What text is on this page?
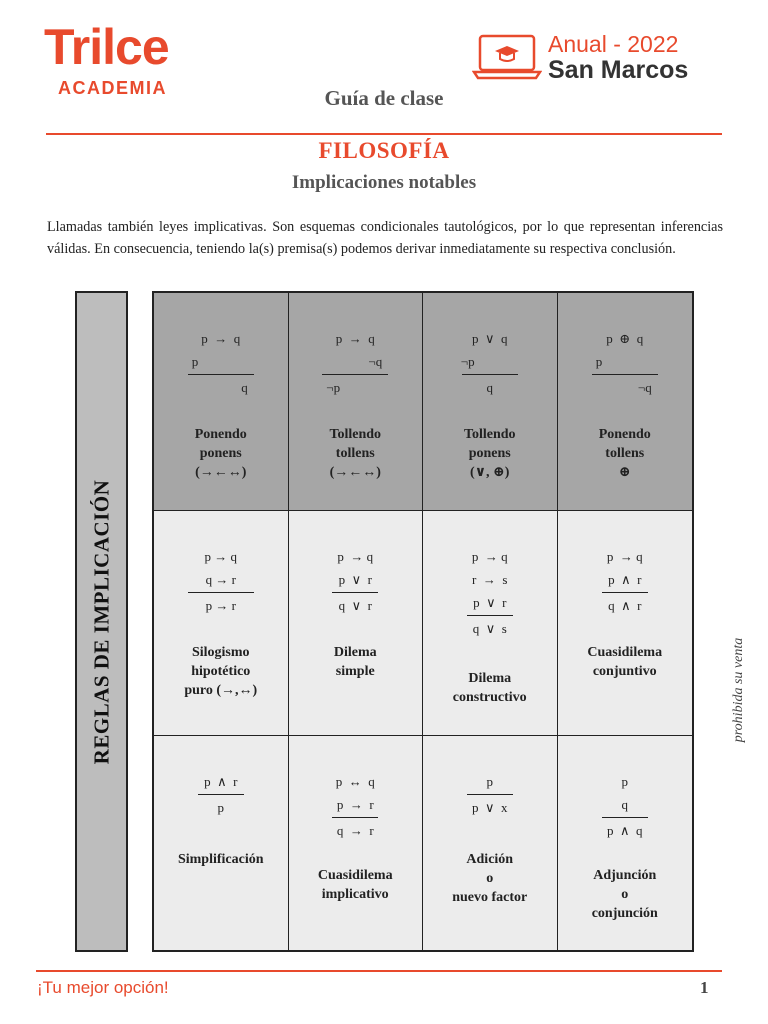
Trilce
ACADEMIA
Anual - 2022
San Marcos
Guía de clase
FILOSOFÍA
Implicaciones notables

Llamadas también leyes implicativas. Son esquemas condicionales tautológicos, por lo que representan inferencias válidas. En consecuencia, teniendo la(s) premisa(s) podemos derivar inmediatamente su respectiva conclusión.

REGLAS DE IMPLICACIÓN
p  →  q
p
q
Ponendo
ponens
(→←↔)
p  →  q
¬q
¬p
Tollendo
tollens
(→←↔)
p  ∨  q
¬p
q
Tollendo
ponens
(∨, ⊕)
p  ⊕  q
p
¬q
Ponendo
tollens
⊕
p → q
q → r
p → r
Silogismo
hipotético
puro (→,↔)
p  → q
p  ∨  r
q  ∨  r
Dilema
simple
p  → q
r  →  s
p  ∨  r
q  ∨  s
Dilema
constructivo
p  → q
p  ∧  r
q  ∧  r
Cuasidilema
conjuntivo
p  ∧  r
p
Simplificación
p  ↔  q
p  →  r
q  →  r
Cuasidilema
implicativo
p
p  ∨  x
Adición
o
nuevo factor
p
q
p  ∧  q
Adjunción
o
conjunción
prohibida su venta
¡Tu mejor opción!	1
